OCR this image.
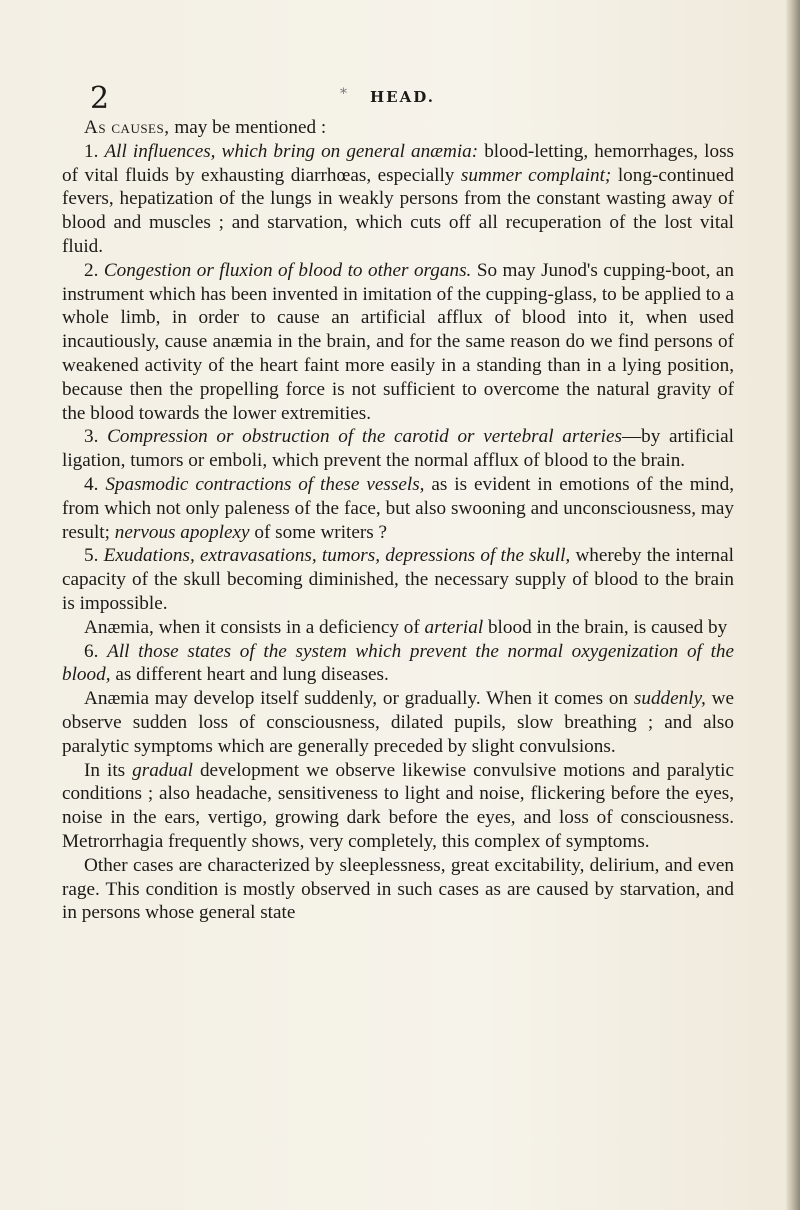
2	HEAD.
*

As causes, may be mentioned :

1. All influences, which bring on general anæmia: blood-letting, hemorrhages, loss of vital fluids by exhausting diarrhœas, especially summer complaint; long-continued fevers, hepatization of the lungs in weakly persons from the constant wasting away of blood and muscles ; and starvation, which cuts off all recuperation of the lost vital fluid.

2. Congestion or fluxion of blood to other organs. So may Junod's cupping-boot, an instrument which has been invented in imitation of the cupping-glass, to be applied to a whole limb, in order to cause an artificial afflux of blood into it, when used incautiously, cause anæmia in the brain, and for the same reason do we find persons of weakened activity of the heart faint more easily in a standing than in a lying position, because then the propelling force is not sufficient to overcome the natural gravity of the blood towards the lower extremities.

3. Compression or obstruction of the carotid or vertebral arteries—by artificial ligation, tumors or emboli, which prevent the normal afflux of blood to the brain.

4. Spasmodic contractions of these vessels, as is evident in emotions of the mind, from which not only paleness of the face, but also swooning and unconsciousness, may result; nervous apoplexy of some writers ?

5. Exudations, extravasations, tumors, depressions of the skull, whereby the internal capacity of the skull becoming diminished, the necessary supply of blood to the brain is impossible.

Anæmia, when it consists in a deficiency of arterial blood in the brain, is caused by

6. All those states of the system which prevent the normal oxygenization of the blood, as different heart and lung diseases.

Anæmia may develop itself suddenly, or gradually. When it comes on suddenly, we observe sudden loss of consciousness, dilated pupils, slow breathing ; and also paralytic symptoms which are generally preceded by slight convulsions.

In its gradual development we observe likewise convulsive motions and paralytic conditions ; also headache, sensitiveness to light and noise, flickering before the eyes, noise in the ears, vertigo, growing dark before the eyes, and loss of consciousness. Metrorrhagia frequently shows, very completely, this complex of symptoms.

Other cases are characterized by sleeplessness, great excitability, delirium, and even rage. This condition is mostly observed in such cases as are caused by starvation, and in persons whose general state
